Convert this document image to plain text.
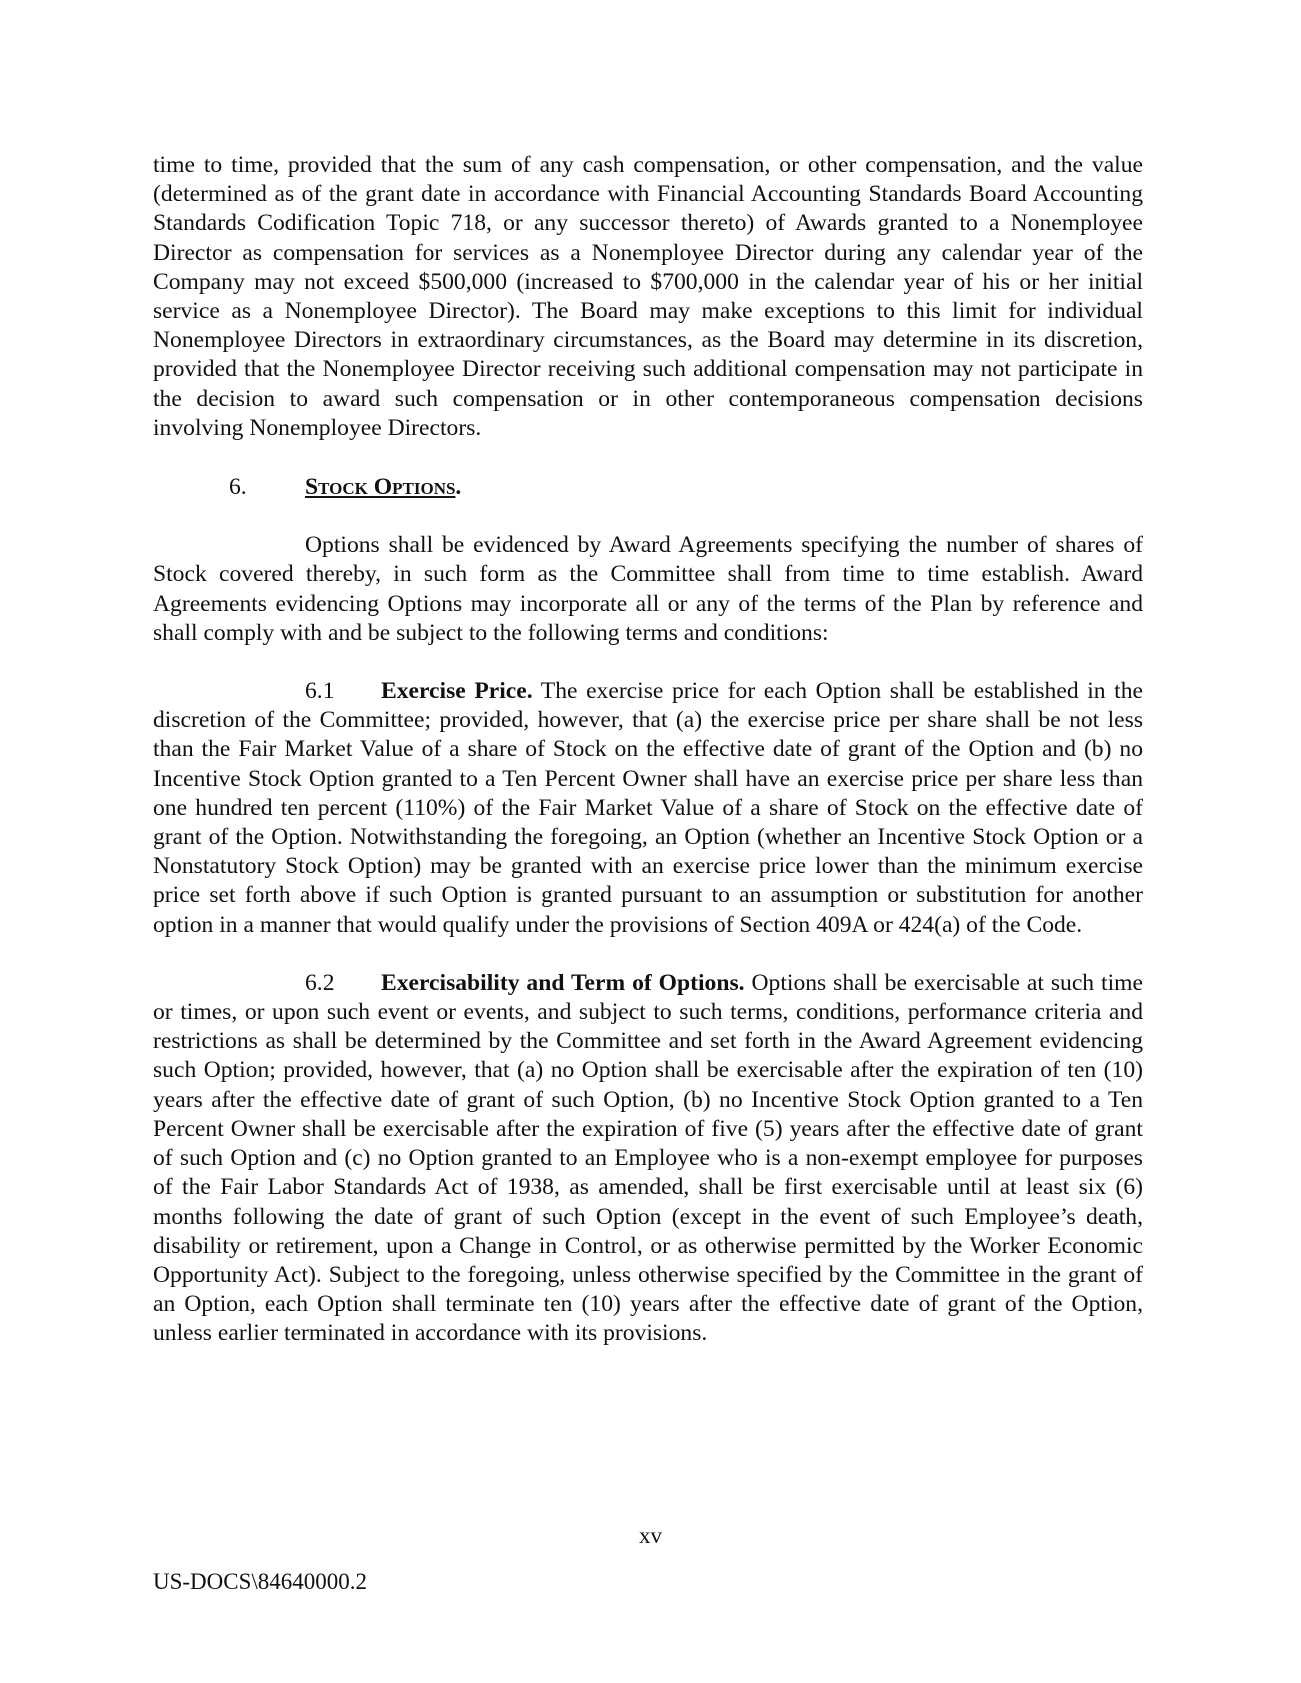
time to time, provided that the sum of any cash compensation, or other compensation, and the value (determined as of the grant date in accordance with Financial Accounting Standards Board Accounting Standards Codification Topic 718, or any successor thereto) of Awards granted to a Nonemployee Director as compensation for services as a Nonemployee Director during any calendar year of the Company may not exceed $500,000 (increased to $700,000 in the calendar year of his or her initial service as a Nonemployee Director). The Board may make exceptions to this limit for individual Nonemployee Directors in extraordinary circumstances, as the Board may determine in its discretion, provided that the Nonemployee Director receiving such additional compensation may not participate in the decision to award such compensation or in other contemporaneous compensation decisions involving Nonemployee Directors.

6. Stock Options.

Options shall be evidenced by Award Agreements specifying the number of shares of Stock covered thereby, in such form as the Committee shall from time to time establish. Award Agreements evidencing Options may incorporate all or any of the terms of the Plan by reference and shall comply with and be subject to the following terms and conditions:

6.1 Exercise Price. The exercise price for each Option shall be established in the discretion of the Committee; provided, however, that (a) the exercise price per share shall be not less than the Fair Market Value of a share of Stock on the effective date of grant of the Option and (b) no Incentive Stock Option granted to a Ten Percent Owner shall have an exercise price per share less than one hundred ten percent (110%) of the Fair Market Value of a share of Stock on the effective date of grant of the Option. Notwithstanding the foregoing, an Option (whether an Incentive Stock Option or a Nonstatutory Stock Option) may be granted with an exercise price lower than the minimum exercise price set forth above if such Option is granted pursuant to an assumption or substitution for another option in a manner that would qualify under the provisions of Section 409A or 424(a) of the Code.

6.2 Exercisability and Term of Options. Options shall be exercisable at such time or times, or upon such event or events, and subject to such terms, conditions, performance criteria and restrictions as shall be determined by the Committee and set forth in the Award Agreement evidencing such Option; provided, however, that (a) no Option shall be exercisable after the expiration of ten (10) years after the effective date of grant of such Option, (b) no Incentive Stock Option granted to a Ten Percent Owner shall be exercisable after the expiration of five (5) years after the effective date of grant of such Option and (c) no Option granted to an Employee who is a non-exempt employee for purposes of the Fair Labor Standards Act of 1938, as amended, shall be first exercisable until at least six (6) months following the date of grant of such Option (except in the event of such Employee’s death, disability or retirement, upon a Change in Control, or as otherwise permitted by the Worker Economic Opportunity Act). Subject to the foregoing, unless otherwise specified by the Committee in the grant of an Option, each Option shall terminate ten (10) years after the effective date of grant of the Option, unless earlier terminated in accordance with its provisions.

xv
US-DOCS\84640000.2
